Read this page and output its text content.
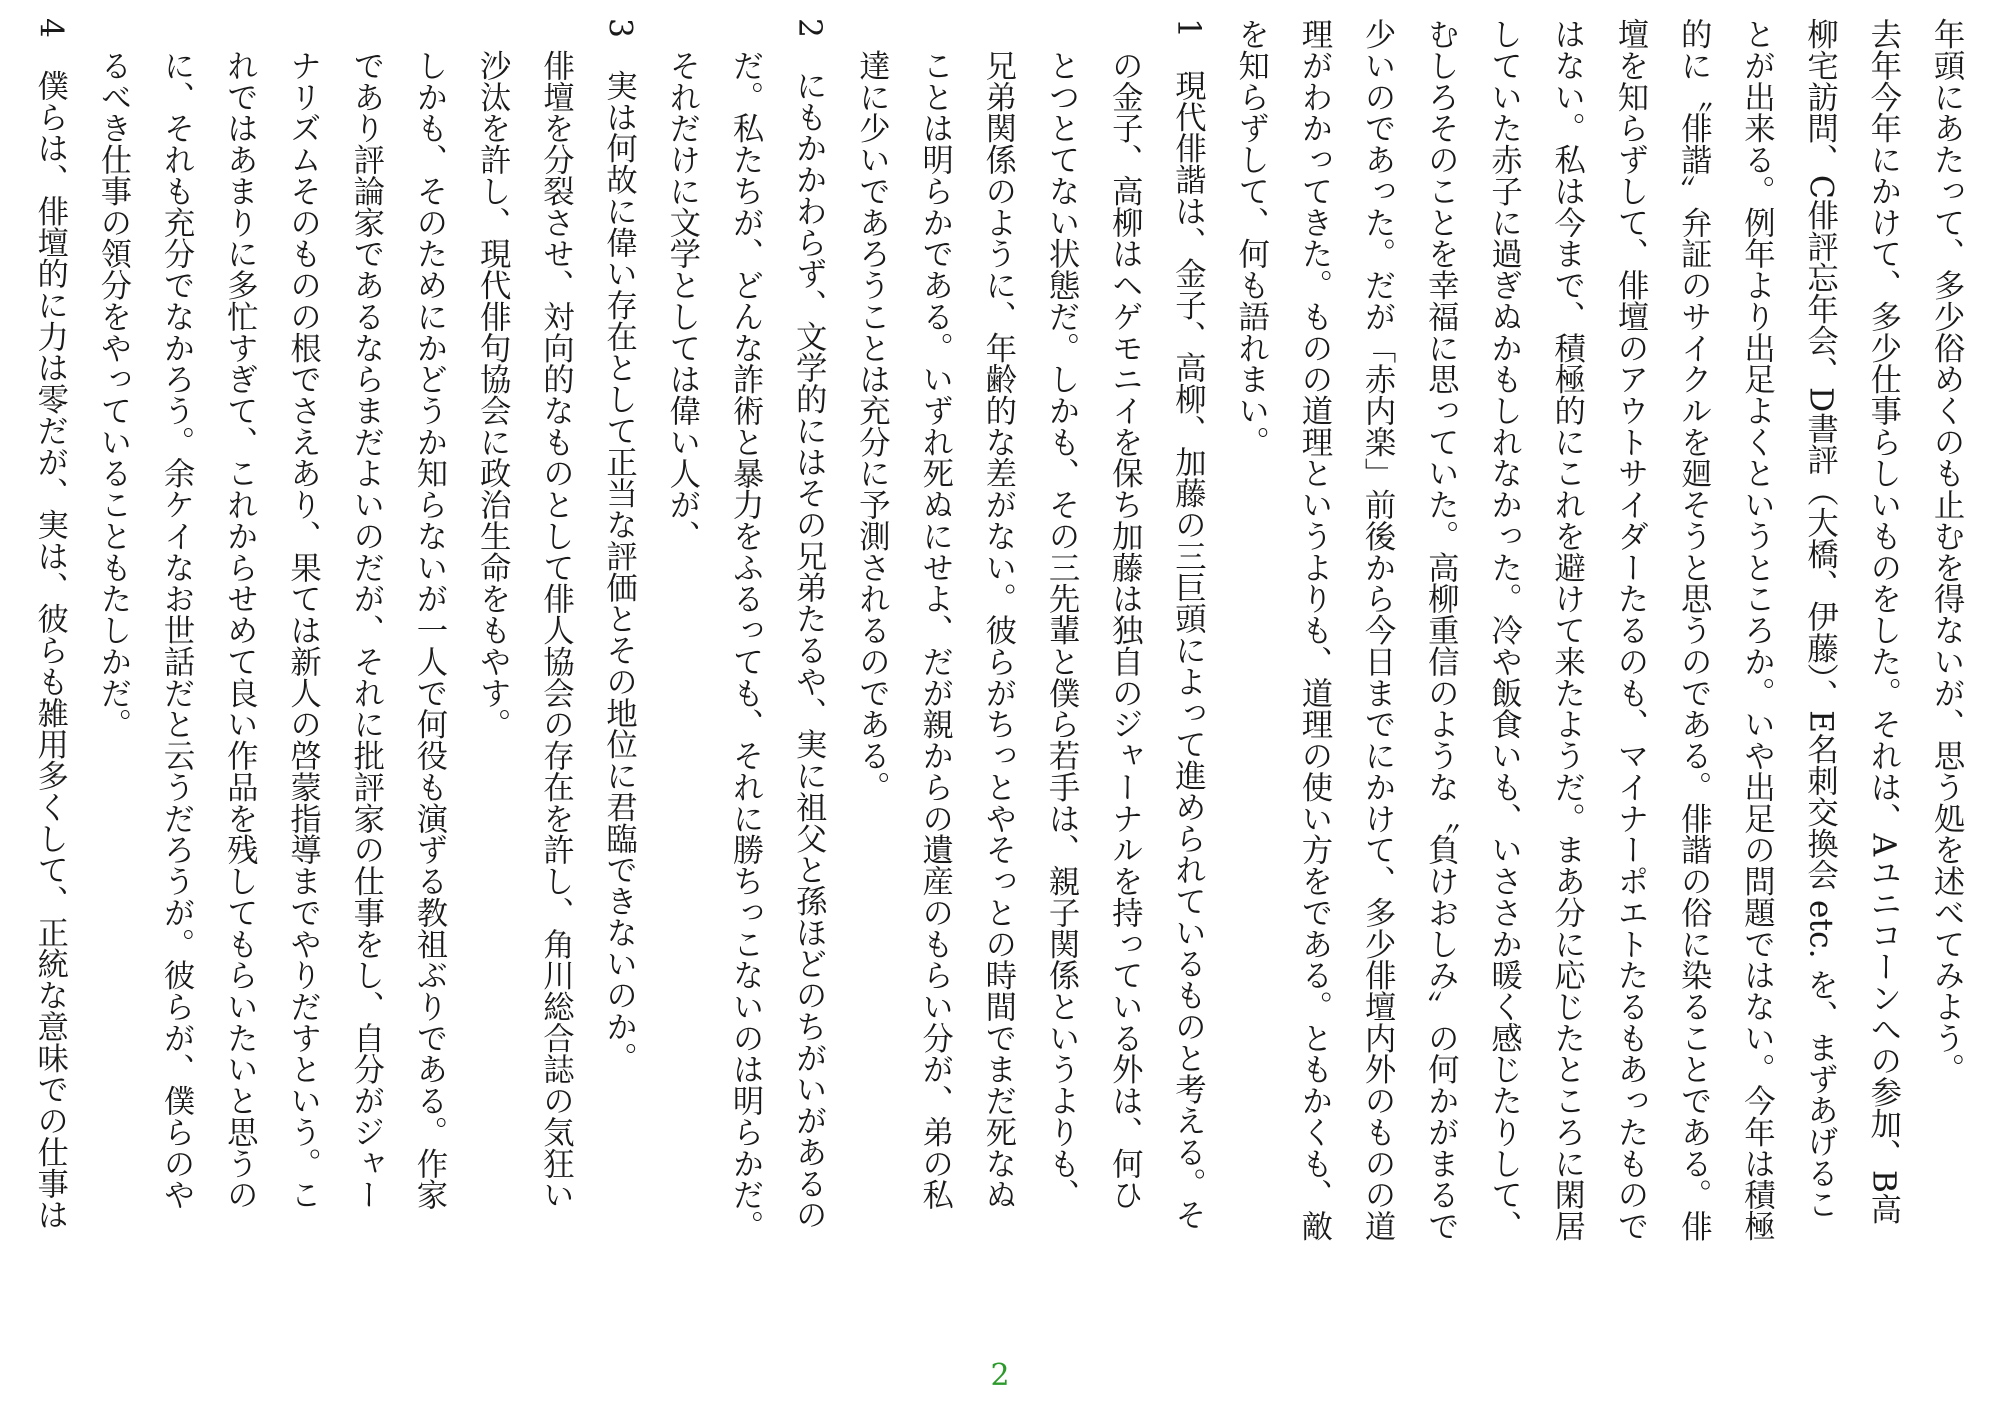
年頭にあたって、多少俗めくのも止むを得ないが、思う処を述べてみよう。
去年今年にかけて、多少仕事らしいものをした。それは、Aユニコーンへの参加、B高
柳宅訪問、C俳評忘年会、D書評（大橋、伊藤）、E名刺交換会 etc. を、まずあげるこ
とが出来る。例年より出足よくというところか。いや出足の問題ではない。今年は積極
的に〝俳諧〟弁証のサイクルを廻そうと思うのである。俳諧の俗に染ることである。俳
壇を知らずして、俳壇のアウトサイダーたるのも、マイナーポエトたるもあったもので
はない。私は今まで、積極的にこれを避けて来たようだ。まあ分に応じたところに閑居
していた赤子に過ぎぬかもしれなかった。冷や飯食いも、いささか暖く感じたりして、
むしろそのことを幸福に思っていた。高柳重信のような〝負けおしみ〟の何かがまるで
少いのであった。だが「赤内楽」前後から今日までにかけて、多少俳壇内外のものの道
理がわかってきた。ものの道理というよりも、道理の使い方をである。ともかくも、敵
を知らずして、何も語れまい。
1　現代俳諧は、金子、高柳、加藤の三巨頭によって進められているものと考える。そ
　の金子、高柳はヘゲモニイを保ち加藤は独自のジャーナルを持っている外は、何ひ
　とつとてない状態だ。しかも、その三先輩と僕ら若手は、親子関係というよりも、
　兄弟関係のように、年齢的な差がない。彼らがちっとやそっとの時間でまだ死なぬ
　ことは明らかである。いずれ死ぬにせよ、だが親からの遺産のもらい分が、弟の私
　達に少いであろうことは充分に予測されるのである。
2　にもかかわらず、文学的にはその兄弟たるや、実に祖父と孫ほどのちがいがあるの
　だ。私たちが、どんな詐術と暴力をふるっても、それに勝ちっこないのは明らかだ。
　それだけに文学としては偉い人が、
3　実は何故に偉い存在として正当な評価とその地位に君臨できないのか。
　俳壇を分裂させ、対向的なものとして俳人協会の存在を許し、角川総合誌の気狂い
　沙汰を許し、現代俳句協会に政治生命をもやす。
　しかも、そのためにかどうか知らないが一人で何役も演ずる教祖ぶりである。作家
　であり評論家であるならまだよいのだが、それに批評家の仕事をし、自分がジャー
　ナリズムそのものの根でさえあり、果ては新人の啓蒙指導までやりだすという。こ
　れではあまりに多忙すぎて、これからせめて良い作品を残してもらいたいと思うの
　に、それも充分でなかろう。余ケイなお世話だと云うだろうが。彼らが、僕らのや
　るべき仕事の領分をやっていることもたしかだ。
4　僕らは、俳壇的に力は零だが、実は、彼らも雑用多くして、正統な意味での仕事は
2
